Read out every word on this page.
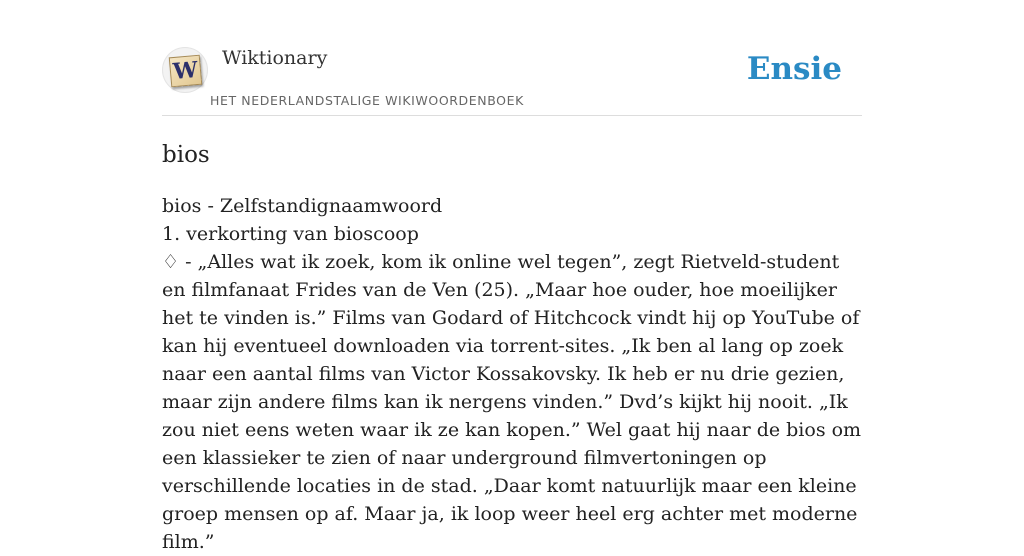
W Wiktionary
HET NEDERLANDSTALIGE WIKIWOORDENBOEK
Ensie
bios

bios - Zelfstandignaamwoord

1. verkorting van bioscoop

♢ - „Alles wat ik zoek, kom ik online wel tegen”, zegt Rietveld-student en filmfanaat Frides van de Ven (25). „Maar hoe ouder, hoe moeilijker het te vinden is.” Films van Godard of Hitchcock vindt hij op YouTube of kan hij eventueel downloaden via torrent-sites. „Ik ben al lang op zoek naar een aantal films van Victor Kossakovsky. Ik heb er nu drie gezien, maar zijn andere films kan ik nergens vinden.” Dvd’s kijkt hij nooit. „Ik zou niet eens weten waar ik ze kan kopen.” Wel gaat hij naar de bios om een klassieker te zien of naar underground filmvertoningen op verschillende locaties in de stad. „Daar komt natuurlijk maar een kleine groep mensen op af. Maar ja, ik loop weer heel erg achter met moderne film.”
